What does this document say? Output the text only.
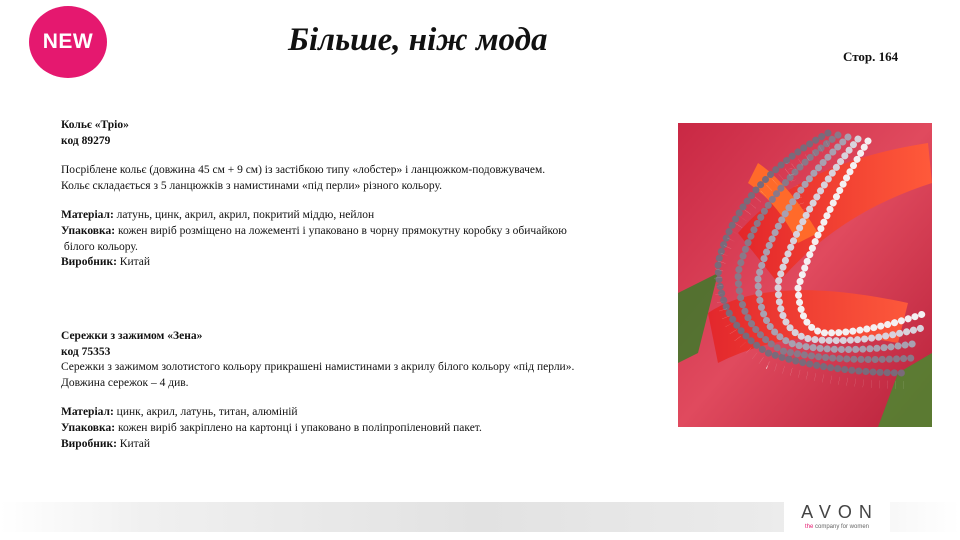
NEW	Більше, ніж мода	Стор. 164

Кольє «Тріо»

код 89279

Посріблене кольє (довжина 45 см + 9 см) із застібкою типу «лобстер» і ланцюжком-подовжувачем.

Кольє складається з 5 ланцюжків з намистинами «під перли» різного кольору.

Матеріал: латунь, цинк, акрил, акрил, покритий міддю, нейлон

Упаковка: кожен виріб розміщено на ложементі і упаковано в чорну прямокутну коробку з обичайкою

білого кольору.

Виробник: Китай

Сережки з зажимом «Зена»

код 75353

Сережки з зажимом золотистого кольору прикрашені намистинами з акрилу білого кольору «під перли».

Довжина сережок – 4 див.

Матеріал: цинк, акрил, латунь, титан, алюміній

Упаковка: кожен виріб закріплено на картонці і упаковано в поліпропіленовий пакет.

Виробник: Китай

AVON
the company for women
